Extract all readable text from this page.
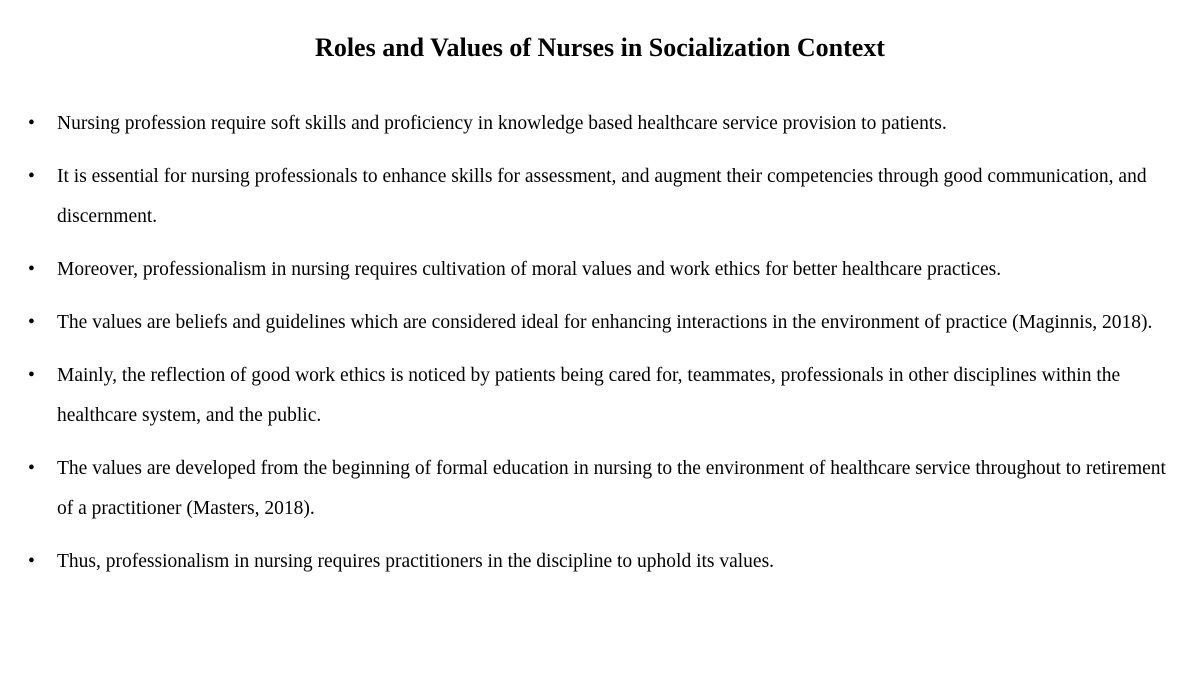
Roles and Values of Nurses in Socialization Context
• Nursing profession require soft skills and proficiency in knowledge based healthcare service provision to patients.
• It is essential for nursing professionals to enhance skills for assessment, and augment their competencies through good communication, and discernment.
• Moreover, professionalism in nursing requires cultivation of moral values and work ethics for better healthcare practices.
• The values are beliefs and guidelines which are considered ideal for enhancing interactions in the environment of practice (Maginnis, 2018).
• Mainly, the reflection of good work ethics is noticed by patients being cared for, teammates, professionals in other disciplines within the healthcare system, and the public.
• The values are developed from the beginning of formal education in nursing to the environment of healthcare service throughout to retirement of a practitioner (Masters, 2018).
• Thus, professionalism in nursing requires practitioners in the discipline to uphold its values.
